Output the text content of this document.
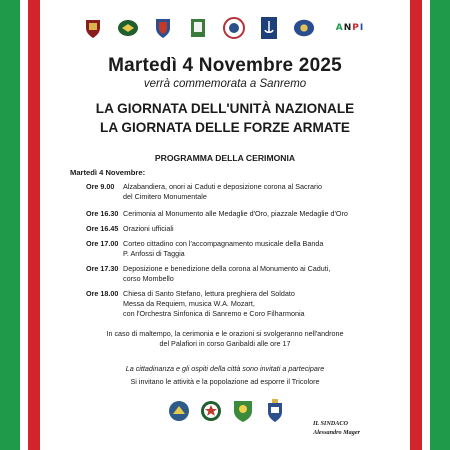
A N P I
Martedì 4 Novembre 2025
verrà commemorata a Sanremo
LA GIORNATA DELL'UNITÀ NAZIONALE
LA GIORNATA DELLE FORZE ARMATE
PROGRAMMA DELLA CERIMONIA
Martedì 4 Novembre:
Ore 9.00	Alzabandiera, onori ai Caduti e deposizione corona al Sacrario
del Cimitero Monumentale
Ore 16.30 Cerimonia al Monumento alle Medaglie d'Oro, piazzale Medaglie d'Oro
Ore 16.45 Orazioni ufficiali
Ore 17.00 Corteo cittadino con l'accompagnamento musicale della Banda
P. Anfossi di Taggia
Ore 17.30 Deposizione e benedizione della corona al Monumento ai Caduti,
corso Mombello
Ore 18.00 Chiesa di Santo Stefano, lettura preghiera del Soldato
Messa da Requiem, musica W.A. Mozart,
con l'Orchestra Sinfonica di Sanremo e Coro Filharmonia
In caso di maltempo, la cerimonia e le orazioni si svolgeranno nell'androne
del Palafiori in corso Garibaldi alle ore 17
La cittadinanza e gli ospiti della città sono invitati a partecipare
Si invitano le attività e la popolazione ad esporre il Tricolore
IL SINDACO
Alessandro Mager
